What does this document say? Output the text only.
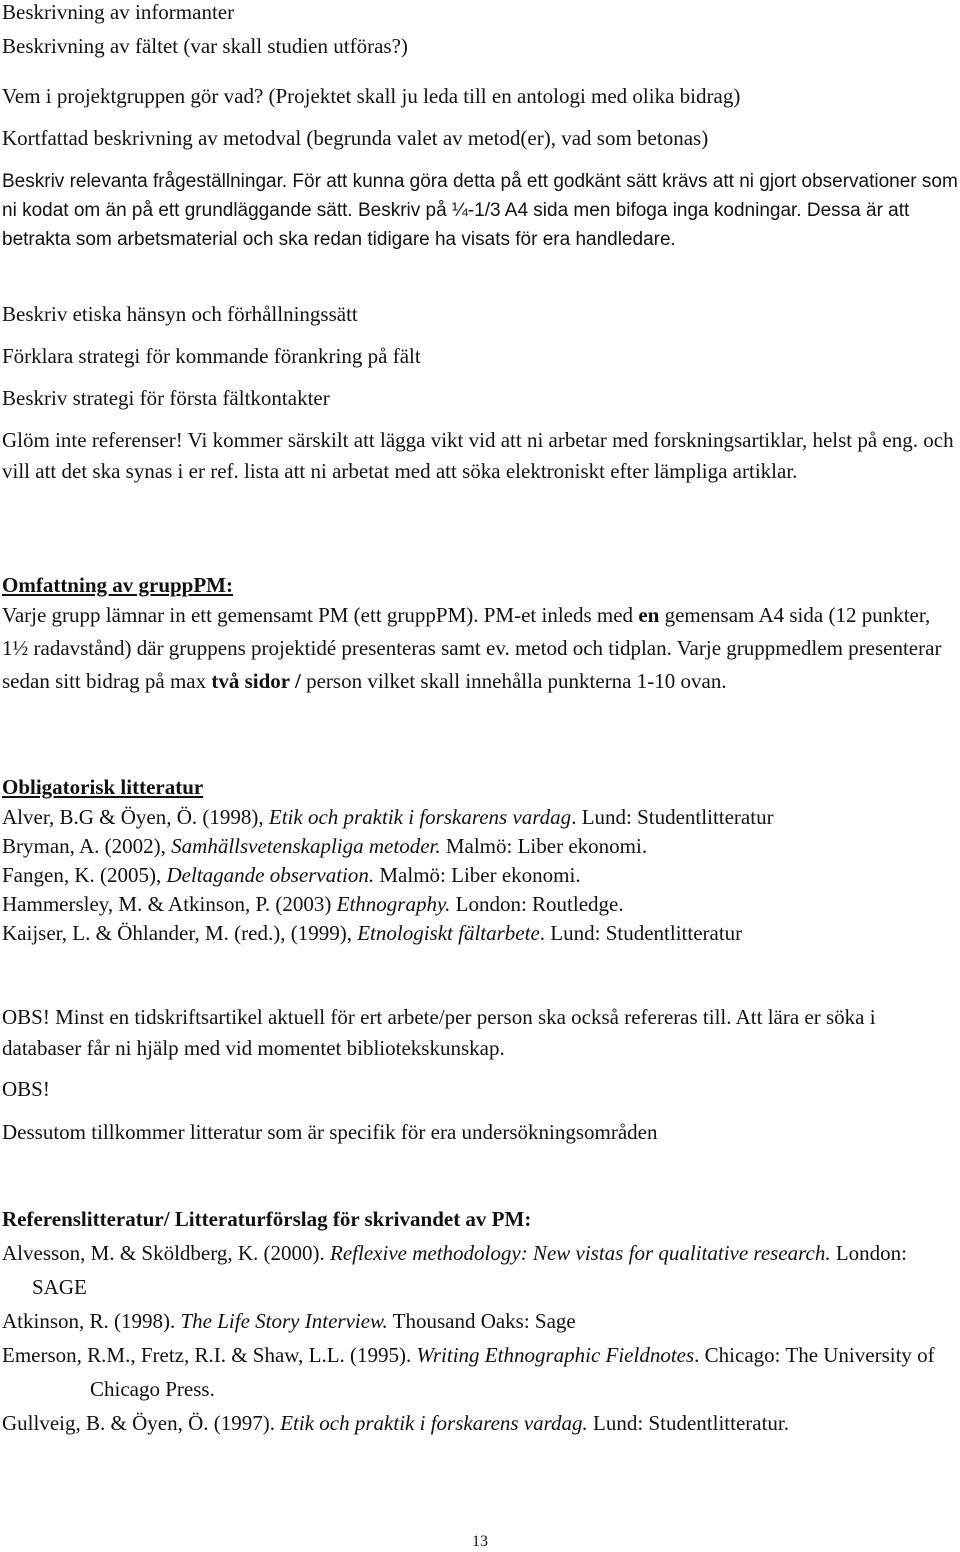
Beskrivning av informanter

Beskrivning av fältet (var skall studien utföras?)

Vem i projektgruppen gör vad? (Projektet skall ju leda till en antologi med olika bidrag)

Kortfattad beskrivning av metodval (begrunda valet av metod(er), vad som betonas)

Beskriv relevanta frågeställningar. För att kunna göra detta på ett godkänt sätt krävs att ni gjort observationer som ni kodat om än på ett grundläggande sätt. Beskriv på ¼-1/3 A4 sida men bifoga inga kodningar. Dessa är att betrakta som arbetsmaterial och ska redan tidigare ha visats för era handledare.

Beskriv etiska hänsyn och förhållningssätt

Förklara strategi för kommande förankring på fält

Beskriv strategi för första fältkontakter

Glöm inte referenser! Vi kommer särskilt att lägga vikt vid att ni arbetar med forskningsartiklar, helst på eng. och vill att det ska synas i er ref. lista att ni arbetat med att söka elektroniskt efter lämpliga artiklar.

Omfattning av gruppPM:

Varje grupp lämnar in ett gemensamt PM (ett gruppPM). PM-et inleds med en gemensam A4 sida (12 punkter, 1½ radavstånd) där gruppens projektidé presenteras samt ev. metod och tidplan. Varje gruppmedlem presenterar sedan sitt bidrag på max två sidor / person vilket skall innehålla punkterna 1-10 ovan.

Obligatorisk litteratur

Alver, B.G & Öyen, Ö. (1998), Etik och praktik i forskarens vardag. Lund: Studentlitteratur

Bryman, A. (2002), Samhällsvetenskapliga metoder. Malmö: Liber ekonomi.

Fangen, K. (2005), Deltagande observation. Malmö: Liber ekonomi.

Hammersley, M. & Atkinson, P. (2003) Ethnography. London: Routledge.

Kaijser, L. & Öhlander, M. (red.), (1999), Etnologiskt fältarbete. Lund: Studentlitteratur

OBS! Minst en tidskriftsartikel aktuell för ert arbete/per person ska också refereras till. Att lära er söka i databaser får ni hjälp med vid momentet bibliotekskunskap.

OBS!

Dessutom tillkommer litteratur som är specifik för era undersökningsområden

Referenslitteratur/ Litteraturförslag för skrivandet av PM:

Alvesson, M. & Sköldberg, K. (2000). Reflexive methodology: New vistas for qualitative research. London: SAGE

Atkinson, R. (1998). The Life Story Interview. Thousand Oaks: Sage

Emerson, R.M., Fretz, R.I. & Shaw, L.L. (1995). Writing Ethnographic Fieldnotes. Chicago: The University of Chicago Press.

Gullveig, B. & Öyen, Ö. (1997). Etik och praktik i forskarens vardag. Lund: Studentlitteratur.

13
